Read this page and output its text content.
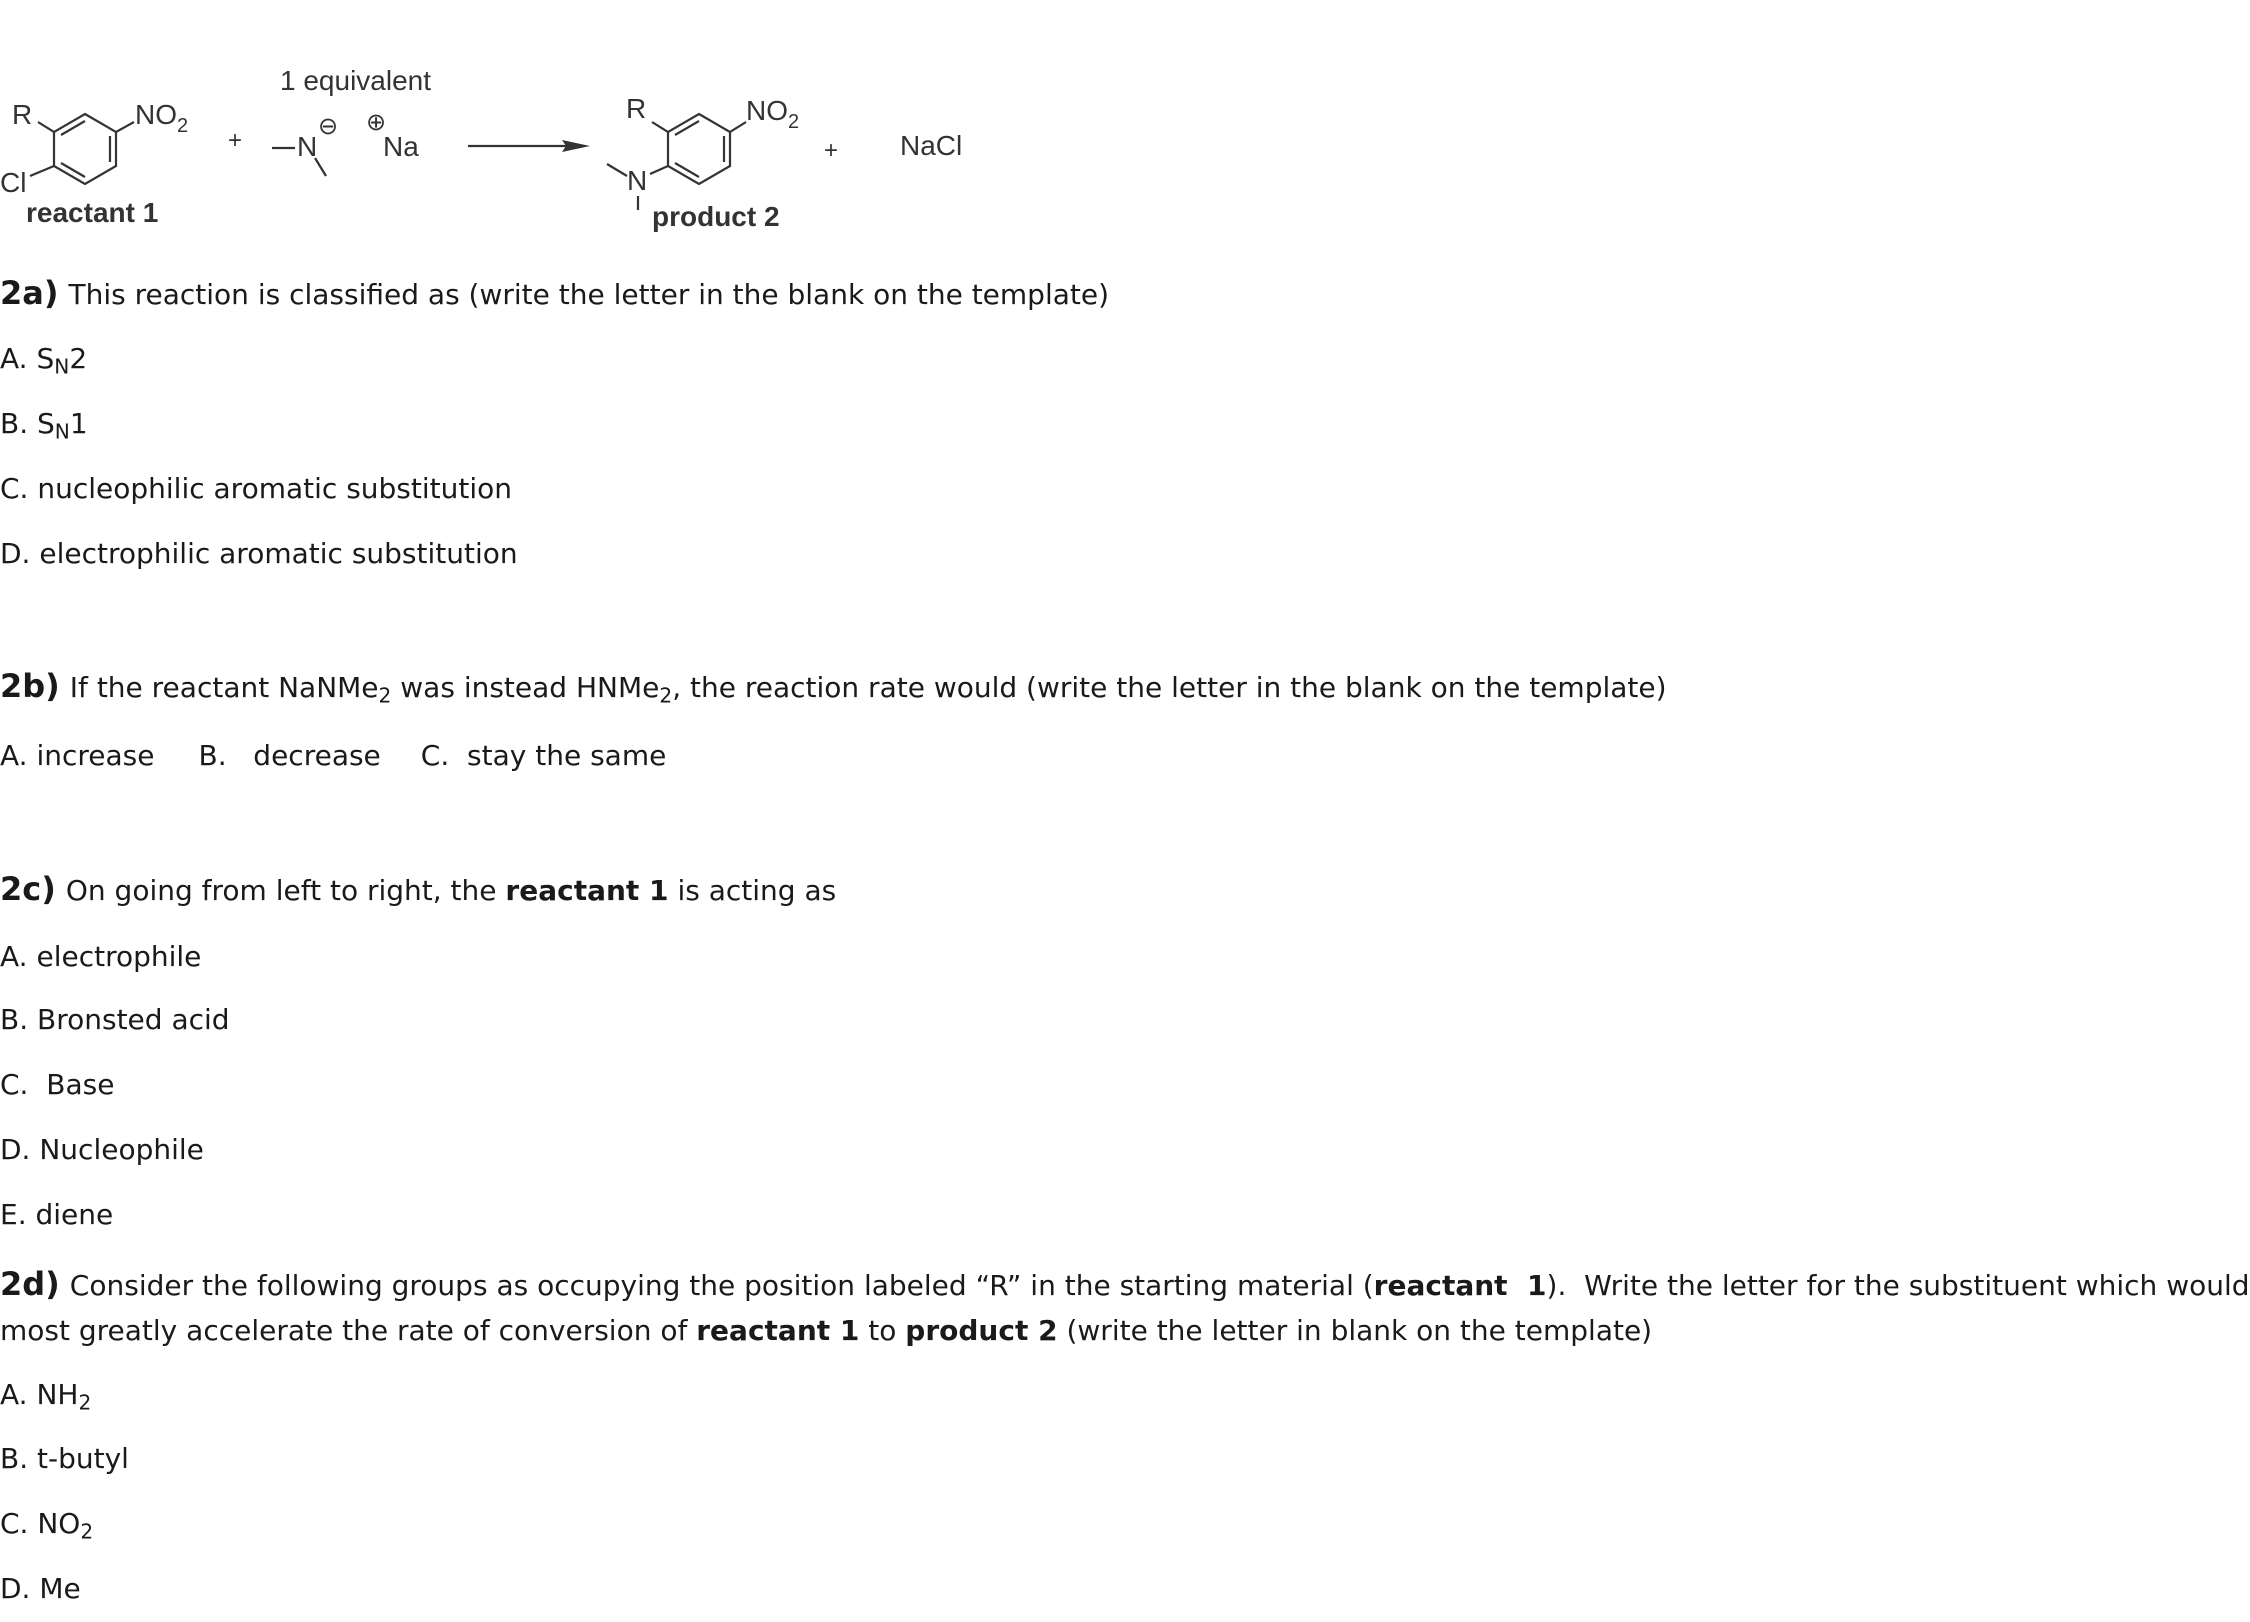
R	$NO_2$
Cl
reactant 1
+
1 equivalent
N
⊖ ⊕
Na
R	$NO_2$
N
product 2
+ NaCl
2a) This reaction is classified as (write the letter in the blank on the template)
A. $S_N2$
B. $S_N1$
C. nucleophilic aromatic substitution
D. electrophilic aromatic substitution
2b) If the reactant NaNMe$_2$ was instead HNMe$_2$, the reaction rate would (write the letter in the blank on the template)
A. increase B.   decrease C.  stay the same
2c) On going from left to right, the reactant 1 is acting as
A. electrophile
B. Bronsted acid
C.  Base
D. Nucleophile
E. diene
2d) Consider the following groups as occupying the position labeled “R” in the starting material (reactant  1).  Write the letter for the substituent which would
most greatly accelerate the rate of conversion of reactant 1 to product 2 (write the letter in blank on the template)
A. $NH_2$
B. t-butyl
C. $NO_2$
D. Me
